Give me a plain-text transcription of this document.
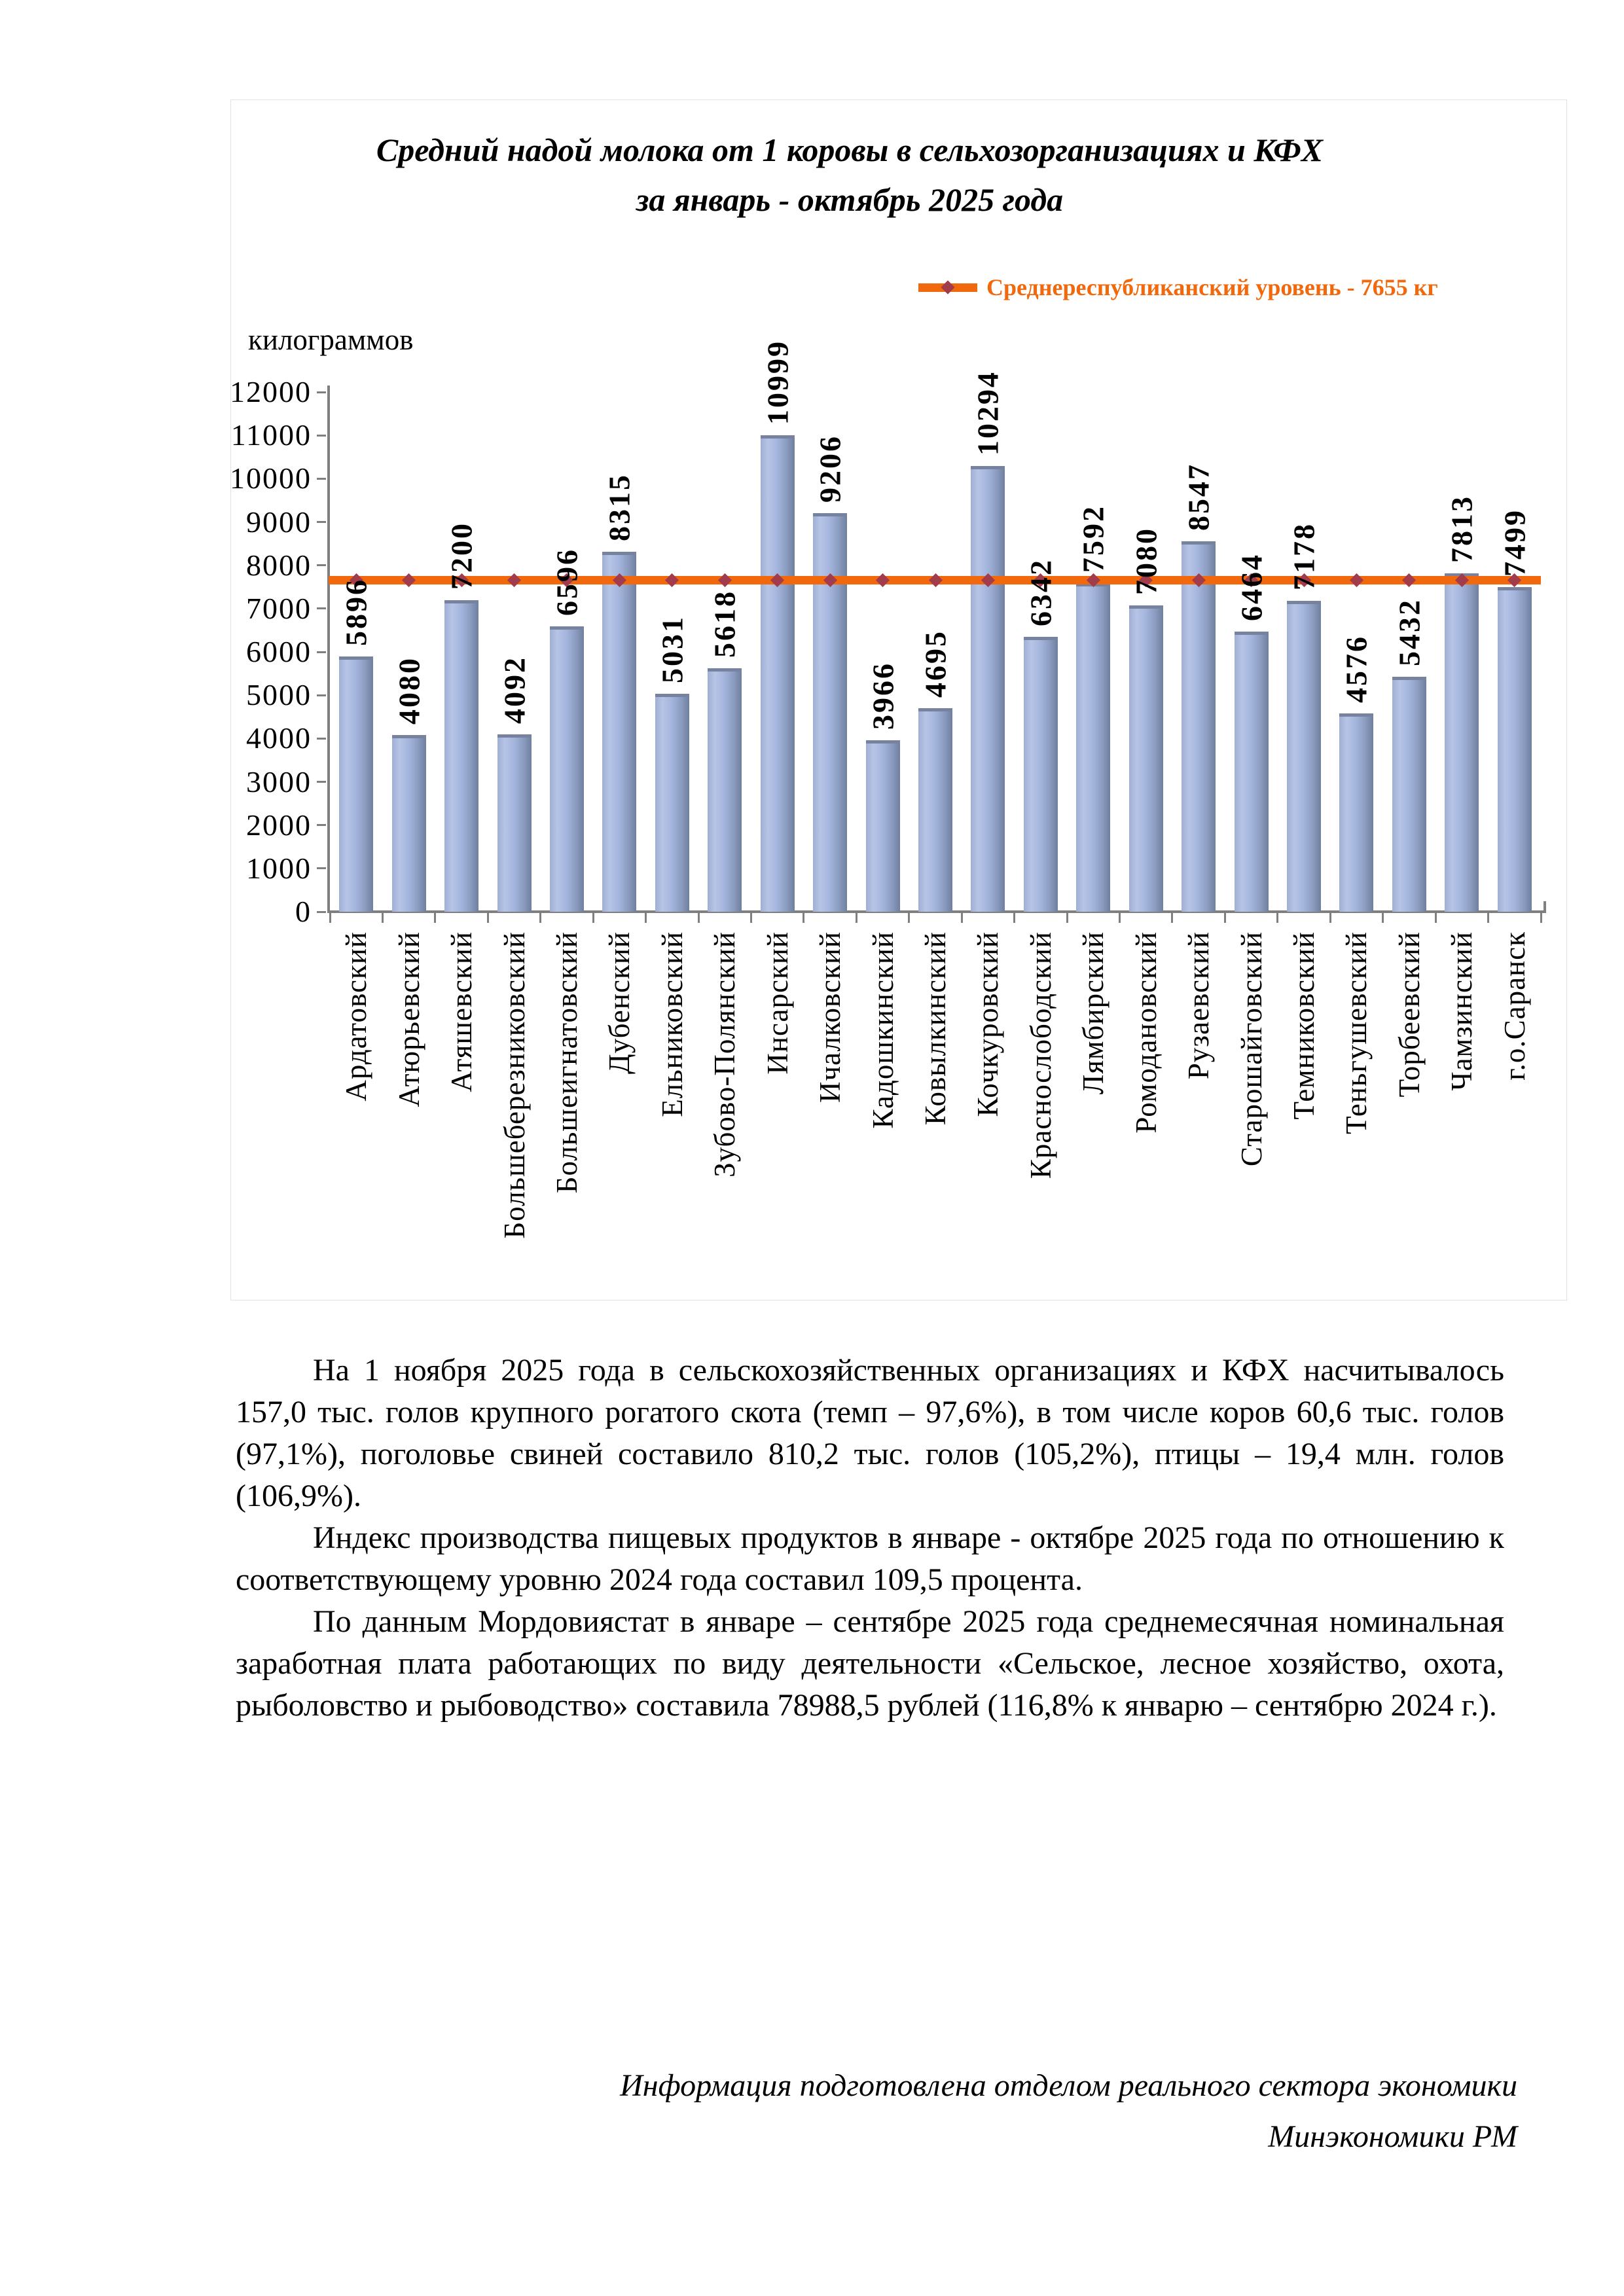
Средний надой молока от 1 коровы в сельхозорганизациях и КФХ
за январь - октябрь 2025 года
Среднереспубликанский уровень - 7655 кг
килограммов
0
1000
2000
3000
4000
5000
6000
7000
8000
9000
10000
11000
12000
5896
4080
7200
4092
6596
8315
5031 5618
10999
9206
3966 4695
10294
6342
7592 7080
8547
6464 7178
4576
5432
7813 7499
Ардатовский Атюрьевский Атяшевский Большеберезниковский Большеигнатовский Дубенский Ельниковский Зубово-Полянский Инсарский Ичалковский Кадошкинский Ковылкинский Кочкуровский Краснослободский Лямбирский Ромодановский Рузаевский Старошайговский Темниковский Теньгушевский Торбеевский Чамзинский г.о.Саранск

На 1 ноября 2025 года в сельскохозяйственных организациях и КФХ насчитывалось 157,0 тыс. голов крупного рогатого скота (темп – 97,6%), в том числе коров 60,6 тыс. голов (97,1%), поголовье свиней составило 810,2 тыс. голов (105,2%), птицы – 19,4 млн. голов (106,9%).

Индекс производства пищевых продуктов в январе - октябре 2025 года по отношению к соответствующему уровню 2024 года составил 109,5 процента.

По данным Мордовиястат в январе – сентябре 2025 года среднемесячная номинальная заработная плата работающих по виду деятельности «Сельское, лесное хозяйство, охота, рыболовство и рыбоводство» составила 78988,5 рублей (116,8% к январю – сентябрю 2024 г.).

Информация подготовлена отделом реального сектора экономики
Минэкономики РМ
